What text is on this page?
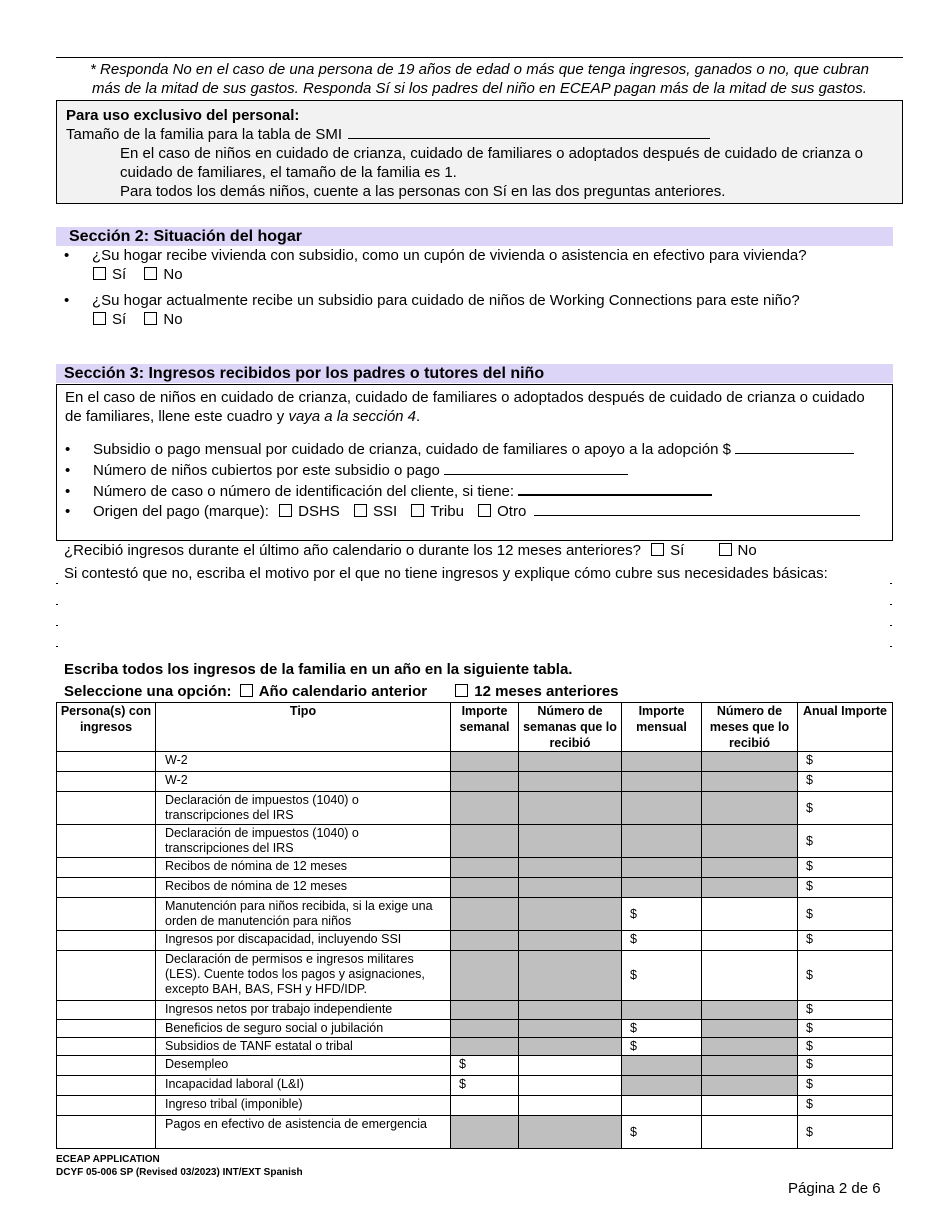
* Responda No en el caso de una persona de 19 años de edad o más que tenga ingresos, ganados o no, que cubran
más de la mitad de sus gastos. Responda Sí si los padres del niño en ECEAP pagan más de la mitad de sus gastos.
Para uso exclusivo del personal:
Tamaño de la familia para la tabla de SMI
En el caso de niños en cuidado de crianza, cuidado de familiares o adoptados después de cuidado de crianza o cuidado de familiares, el tamaño de la familia es 1.
Para todos los demás niños, cuente a las personas con Sí en las dos preguntas anteriores.
Sección 2: Situación del hogar
• ¿Su hogar recibe vivienda con subsidio, como un cupón de vivienda o asistencia en efectivo para vivienda?
Sí No
• ¿Su hogar actualmente recibe un subsidio para cuidado de niños de Working Connections para este niño?
Sí No
Sección 3: Ingresos recibidos por los padres o tutores del niño
En el caso de niños en cuidado de crianza, cuidado de familiares o adoptados después de cuidado de crianza o cuidado de familiares, llene este cuadro y vaya a la sección 4.
• Subsidio o pago mensual por cuidado de crianza, cuidado de familiares o apoyo a la adopción $
• Número de niños cubiertos por este subsidio o pago
• Número de caso o número de identificación del cliente, si tiene:
• Origen del pago (marque): DSHS SSI Tribu Otro
¿Recibió ingresos durante el último año calendario o durante los 12 meses anteriores? Sí	No
Si contestó que no, escriba el motivo por el que no tiene ingresos y explique cómo cubre sus necesidades básicas:
Escriba todos los ingresos de la familia en un año en la siguiente tabla.
Seleccione una opción: Año calendario anterior	12 meses anteriores
Persona(s) con ingresos	Tipo	Importe semanal	Número de semanas que lo recibió	Importe mensual	Número de meses que lo recibió	Anual Importe
	W-2					$
	W-2					$
	Declaración de impuestos (1040) o transcripciones del IRS					$
	Declaración de impuestos (1040) o transcripciones del IRS					$
	Recibos de nómina de 12 meses					$
	Recibos de nómina de 12 meses					$
	Manutención para niños recibida, si la exige una orden de manutención para niños			$		$
	Ingresos por discapacidad, incluyendo SSI			$		$
	Declaración de permisos e ingresos militares (LES). Cuente todos los pagos y asignaciones, excepto BAH, BAS, FSH y HFD/IDP.			$		$
	Ingresos netos por trabajo independiente					$
	Beneficios de seguro social o jubilación			$		$
	Subsidios de TANF estatal o tribal			$		$
	Desempleo	$				$
	Incapacidad laboral (L&I)	$				$
	Ingreso tribal (imponible)					$
	Pagos en efectivo de asistencia de emergencia			$		$
ECEAP APPLICATION
DCYF 05-006 SP (Revised 03/2023) INT/EXT Spanish
Página 2 de 6
